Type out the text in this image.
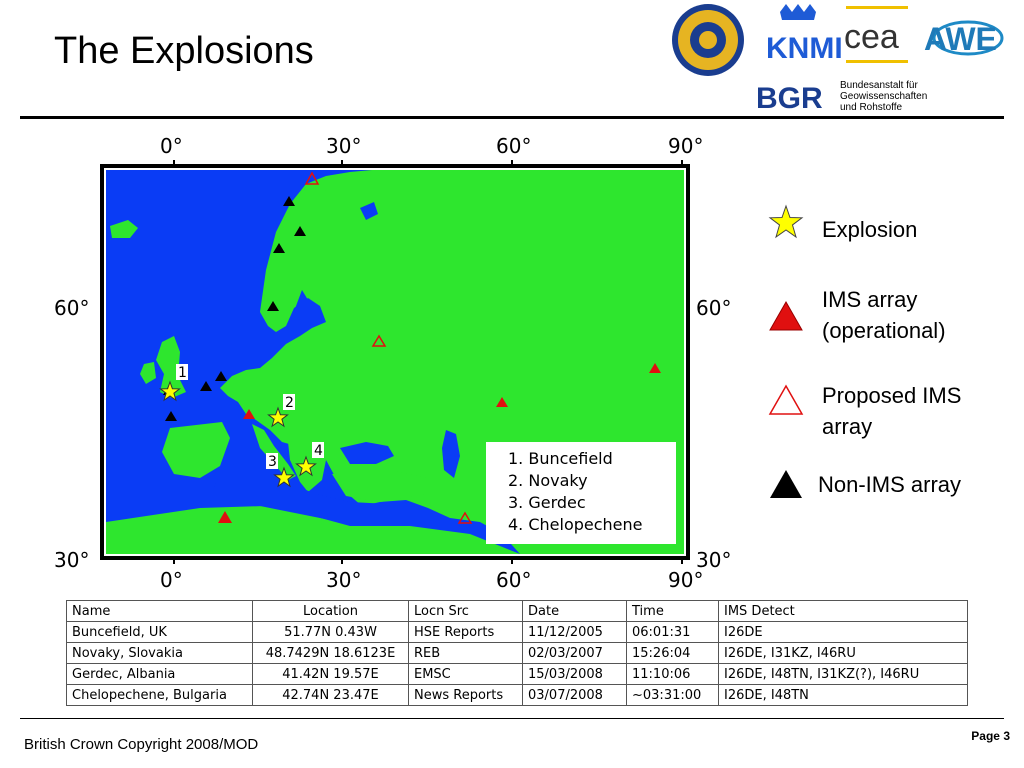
The Explosions	KNMI cea AWE
BGR Bundesanstalt für
Geowissenschaften
und Rohstoffe
0°	30°	60°	90°
0°	30°	60°	90°
60°
30°
60°
30°
1
2
3
4	1. Buncefield
2. Novaky
3. Gerdec
4. Chelopechene
Explosion
IMS array
(operational)
Proposed IMS
array
Non-IMS array
Name	Location	Locn Src	Date	Time	IMS Detect
Buncefield, UK	51.77N 0.43W	HSE Reports	11/12/2005	06:01:31	I26DE
Novaky, Slovakia	48.7429N 18.6123E	REB	02/03/2007	15:26:04	I26DE, I31KZ, I46RU
Gerdec, Albania	41.42N 19.57E	EMSC	15/03/2008	11:10:06	I26DE, I48TN, I31KZ(?), I46RU
Chelopechene, Bulgaria	42.74N 23.47E	News Reports	03/07/2008	~03:31:00	I26DE, I48TN
British Crown Copyright 2008/MOD	Page 3
